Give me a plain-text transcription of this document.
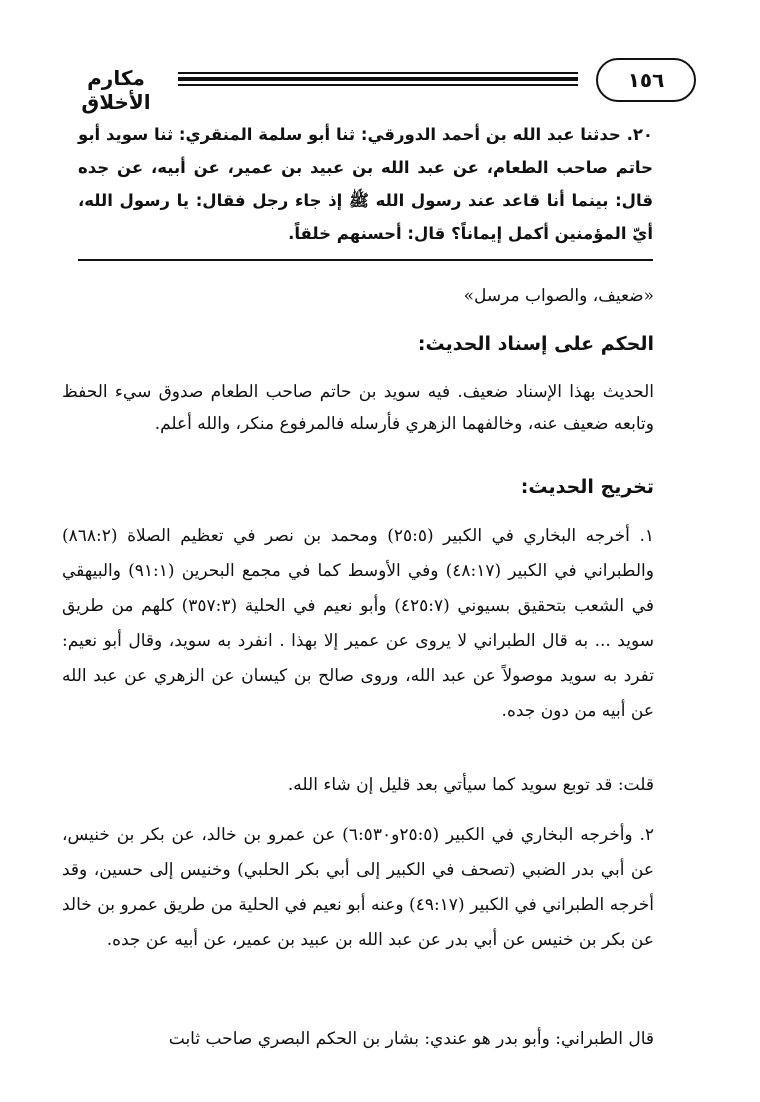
مكارم الأخلاق
١٥٦
٢٠. حدثنا عبد الله بن أحمد الدورقي: ثنا أبو سلمة المنقري: ثنا سويد أبو حاتم صاحب الطعام، عن عبد الله بن عبيد بن عمير، عن أبيه، عن جده قال: بينما أنا قاعد عند رسول الله ﷺ إذ جاء رجل فقال: يا رسول الله، أيّ المؤمنين أكمل إيماناً؟ قال: أحسنهم خلقاً.
«ضعيف، والصواب مرسل»
الحكم على إسناد الحديث:
الحديث بهذا الإسناد ضعيف. فيه سويد بن حاتم صاحب الطعام صدوق سيء الحفظ وتابعه ضعيف عنه، وخالفهما الزهري فأرسله فالمرفوع منكر، والله أعلم.
تخريج الحديث:
١. أخرجه البخاري في الكبير (٢٥:٥) ومحمد بن نصر في تعظيم الصلاة (٨٦٨:٢) والطبراني في الكبير (٤٨:١٧) وفي الأوسط كما في مجمع البحرين (٩١:١) والبيهقي في الشعب بتحقيق بسيوني (٤٢٥:٧) وأبو نعيم في الحلية (٣٥٧:٣) كلهم من طريق سويد ... به قال الطبراني لا يروى عن عمير إلا بهذا . انفرد به سويد، وقال أبو نعيم: تفرد به سويد موصولاً عن عبد الله، وروى صالح بن كيسان عن الزهري عن عبد الله عن أبيه من دون جده.
قلت: قد توبع سويد كما سيأتي بعد قليل إن شاء الله.
٢. وأخرجه البخاري في الكبير (٢٥:٥و٦:٥٣٠) عن عمرو بن خالد، عن بكر بن خنيس، عن أبي بدر الضبي (تصحف في الكبير إلى أبي بكر الحلبي) وخنيس إلى حسين، وقد أخرجه الطبراني في الكبير (٤٩:١٧) وعنه أبو نعيم في الحلية من طريق عمرو بن خالد عن بكر بن خنيس عن أبي بدر عن عبد الله بن عبيد بن عمير، عن أبيه عن جده.
قال الطبراني: وأبو بدر هو عندي: بشار بن الحكم البصري صاحب ثابت
